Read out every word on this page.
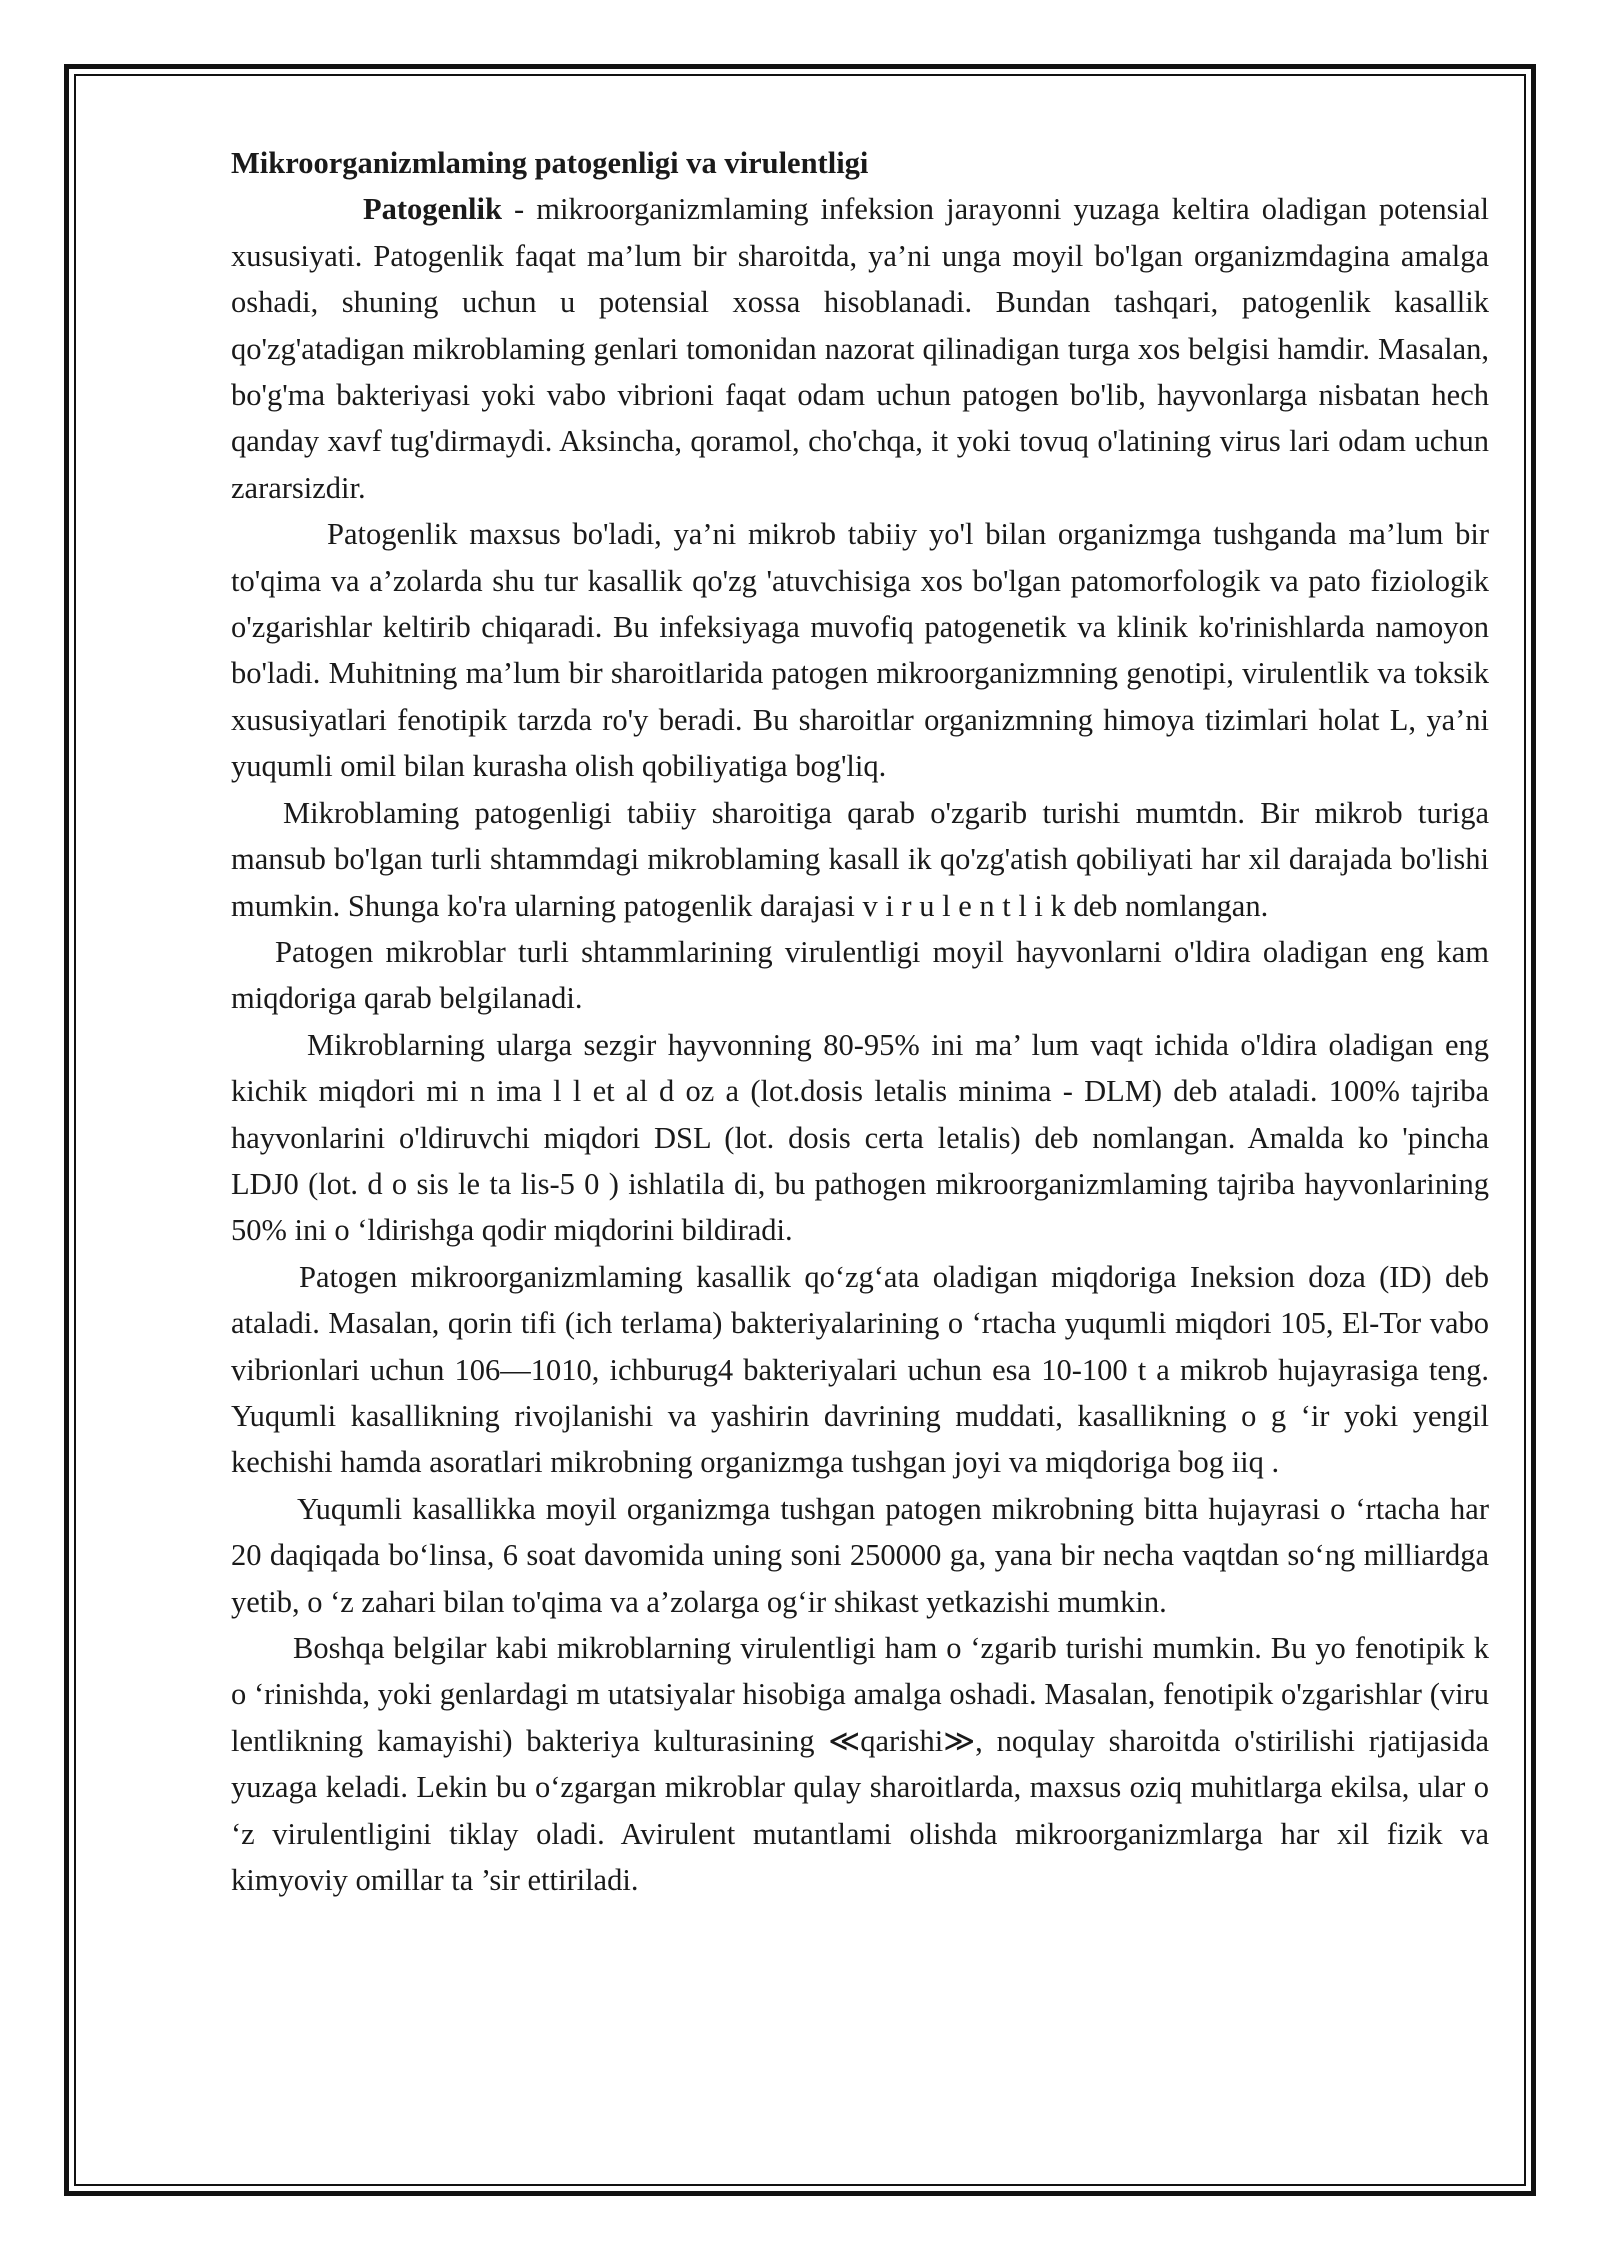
Mikroorganizmlaming patogenligi va virulentligi

Patogenlik - mikroorganizmlaming infeksion jarayonni yuzaga keltira oladigan potensial xususiyati. Patogenlik faqat ma’lum bir sharoitda, ya’ni unga moyil bo'lgan organizmdagina amalga oshadi, shuning uchun u potensial xossa hisoblanadi. Bundan tashqari, patogenlik kasallik qo'zg'atadigan mikroblaming genlari tomonidan nazorat qilinadigan turga xos belgisi hamdir. Masalan, bo'g'ma bakteriyasi yoki vabo vibrioni faqat odam uchun patogen bo'lib, hayvonlarga nisbatan hech qanday xavf tug'dirmaydi. Aksincha, qoramol, cho'chqa, it yoki tovuq o'latining virus lari odam uchun zararsizdir.

Patogenlik maxsus bo'ladi, ya’ni mikrob tabiiy yo'l bilan organizmga tushganda ma’lum bir to'qima va a’zolarda shu tur kasallik qo'zg 'atuvchisiga xos bo'lgan patomorfologik va pato fiziologik o'zgarishlar keltirib chiqaradi. Bu infeksiyaga muvofiq patogenetik va klinik ko'rinishlarda namoyon bo'ladi. Muhitning ma’lum bir sharoitlarida patogen mikroorganizmning genotipi, virulentlik va toksik xususiyatlari fenotipik tarzda ro'y beradi. Bu sharoitlar organizmning himoya tizimlari holat L, ya’ni yuqumli omil bilan kurasha olish qobiliyatiga bog'liq.

Mikroblaming patogenligi tabiiy sharoitiga qarab o'zgarib turishi mumtdn. Bir mikrob turiga mansub bo'lgan turli shtammdagi mikroblaming kasall ik qo'zg'atish qobiliyati har xil darajada bo'lishi mumkin. Shunga ko'ra ularning patogenlik darajasi v i r u l e n t l i k deb nomlangan.

Patogen mikroblar turli shtammlarining virulentligi moyil hayvonlarni o'ldira oladigan eng kam miqdoriga qarab belgilanadi.

Mikroblarning ularga sezgir hayvonning 80-95% ini ma’ lum vaqt ichida o'ldira oladigan eng kichik miqdori mi n ima l l et al d oz a (lot.dosis letalis minima - DLM) deb ataladi. 100% tajriba hayvonlarini o'ldiruvchi miqdori DSL (lot. dosis certa letalis) deb nomlangan. Amalda ko 'pincha LDJ0 (lot. d o sis le ta lis-5 0 ) ishlatila di, bu pathogen mikroorganizmlaming tajriba hayvonlarining 50% ini o ‘ldirishga qodir miqdorini bildiradi.

Patogen mikroorganizmlaming kasallik qo‘zg‘ata oladigan miqdoriga Ineksion doza (ID) deb ataladi. Masalan, qorin tifi (ich terlama) bakteriyalarining o ‘rtacha yuqumli miqdori 105, El-Tor vabo vibrionlari uchun 106—1010, ichburug4 bakteriyalari uchun esa 10-100 t a mikrob hujayrasiga teng. Yuqumli kasallikning rivojlanishi va yashirin davrining muddati, kasallikning o g ‘ir yoki yengil kechishi hamda asoratlari mikrobning organizmga tushgan joyi va miqdoriga bog iiq .

Yuqumli kasallikka moyil organizmga tushgan patogen mikrobning bitta hujayrasi o ‘rtacha har 20 daqiqada bo‘linsa, 6 soat davomida uning soni 250000 ga, yana bir necha vaqtdan so‘ng milliardga yetib, o ‘z zahari bilan to'qima va a’zolarga og‘ir shikast yetkazishi mumkin.

Boshqa belgilar kabi mikroblarning virulentligi ham o ‘zgarib turishi mumkin. Bu yo fenotipik k o ‘rinishda, yoki genlardagi m utatsiyalar hisobiga amalga oshadi. Masalan, fenotipik o'zgarishlar (viru lentlikning kamayishi) bakteriya kulturasining ≪qarishi≫, noqulay sharoitda o'stirilishi rjatijasida yuzaga keladi. Lekin bu o‘zgargan mikroblar qulay sharoitlarda, maxsus oziq muhitlarga ekilsa, ular o ‘z virulentligini tiklay oladi. Avirulent mutantlami olishda mikroorganizmlarga har xil fizik va kimyoviy omillar ta ’sir ettiriladi.
